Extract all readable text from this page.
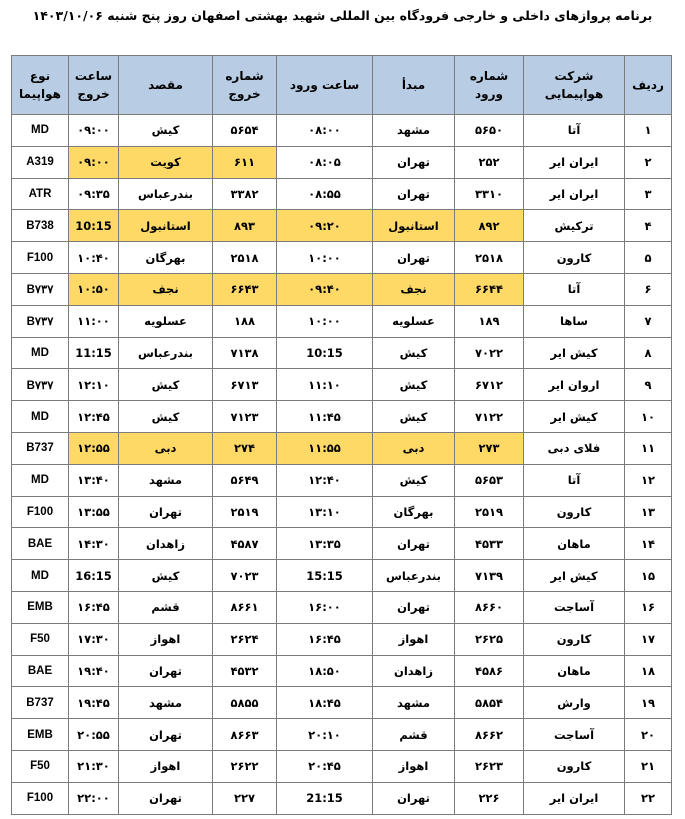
برنامه پروازهای داخلی و خارجی فرودگاه بین المللی شهید بهشتی اصفهان روز پنج شنبه ۱۴۰۳/۱۰/۰۶
ردیف	شرکت هواپیمایی	شماره ورود	مبدأ	ساعت ورود	شماره خروج	مقصد	ساعت خروج	نوع هواپیما
۱	آتا	۵۶۵۰	مشهد	۰۸:۰۰	۵۶۵۴	کیش	۰۹:۰۰	MD
۲	ایران ایر	۲۵۲	تهران	۰۸:۰۵	۶۱۱	کویت	۰۹:۰۰	A319
۳	ایران ایر	۳۳۱۰	تهران	۰۸:۵۵	۳۳۸۲	بندرعباس	۰۹:۳۵	ATR
۴	ترکیش	۸۹۲	استانبول	۰۹:۲۰	۸۹۳	استانبول	10:15	B738
۵	کارون	۲۵۱۸	تهران	۱۰:۰۰	۲۵۱۸	بهرگان	۱۰:۴۰	F100
۶	آتا	۶۶۴۴	نجف	۰۹:۴۰	۶۶۴۳	نجف	۱۰:۵۰	B۷۳۷
۷	ساها	۱۸۹	عسلویه	۱۰:۰۰	۱۸۸	عسلویه	۱۱:۰۰	B۷۳۷
۸	کیش ایر	۷۰۲۲	کیش	10:15	۷۱۳۸	بندرعباس	11:15	MD
۹	اروان ایر	۶۷۱۲	کیش	۱۱:۱۰	۶۷۱۳	کیش	۱۲:۱۰	B۷۳۷
۱۰	کیش ایر	۷۱۲۲	کیش	۱۱:۴۵	۷۱۲۳	کیش	۱۲:۴۵	MD
۱۱	فلای دبی	۲۷۳	دبی	۱۱:۵۵	۲۷۴	دبی	۱۲:۵۵	B737
۱۲	آتا	۵۶۵۳	کیش	۱۲:۴۰	۵۶۴۹	مشهد	۱۳:۴۰	MD
۱۳	کارون	۲۵۱۹	بهرگان	۱۳:۱۰	۲۵۱۹	تهران	۱۳:۵۵	F100
۱۴	ماهان	۴۵۳۳	تهران	۱۳:۳۵	۴۵۸۷	زاهدان	۱۴:۳۰	BAE
۱۵	کیش ایر	۷۱۳۹	بندرعباس	15:15	۷۰۲۳	کیش	16:15	MD
۱۶	آساجت	۸۶۶۰	تهران	۱۶:۰۰	۸۶۶۱	قشم	۱۶:۴۵	EMB
۱۷	کارون	۲۶۲۵	اهواز	۱۶:۴۵	۲۶۲۴	اهواز	۱۷:۳۰	F50
۱۸	ماهان	۴۵۸۶	زاهدان	۱۸:۵۰	۴۵۳۲	تهران	۱۹:۴۰	BAE
۱۹	وارش	۵۸۵۴	مشهد	۱۸:۴۵	۵۸۵۵	مشهد	۱۹:۴۵	B737
۲۰	آساجت	۸۶۶۲	قشم	۲۰:۱۰	۸۶۶۳	تهران	۲۰:۵۵	EMB
۲۱	کارون	۲۶۲۳	اهواز	۲۰:۴۵	۲۶۲۲	اهواز	۲۱:۳۰	F50
۲۲	ایران ایر	۲۲۶	تهران	21:15	۲۲۷	تهران	۲۲:۰۰	F100
